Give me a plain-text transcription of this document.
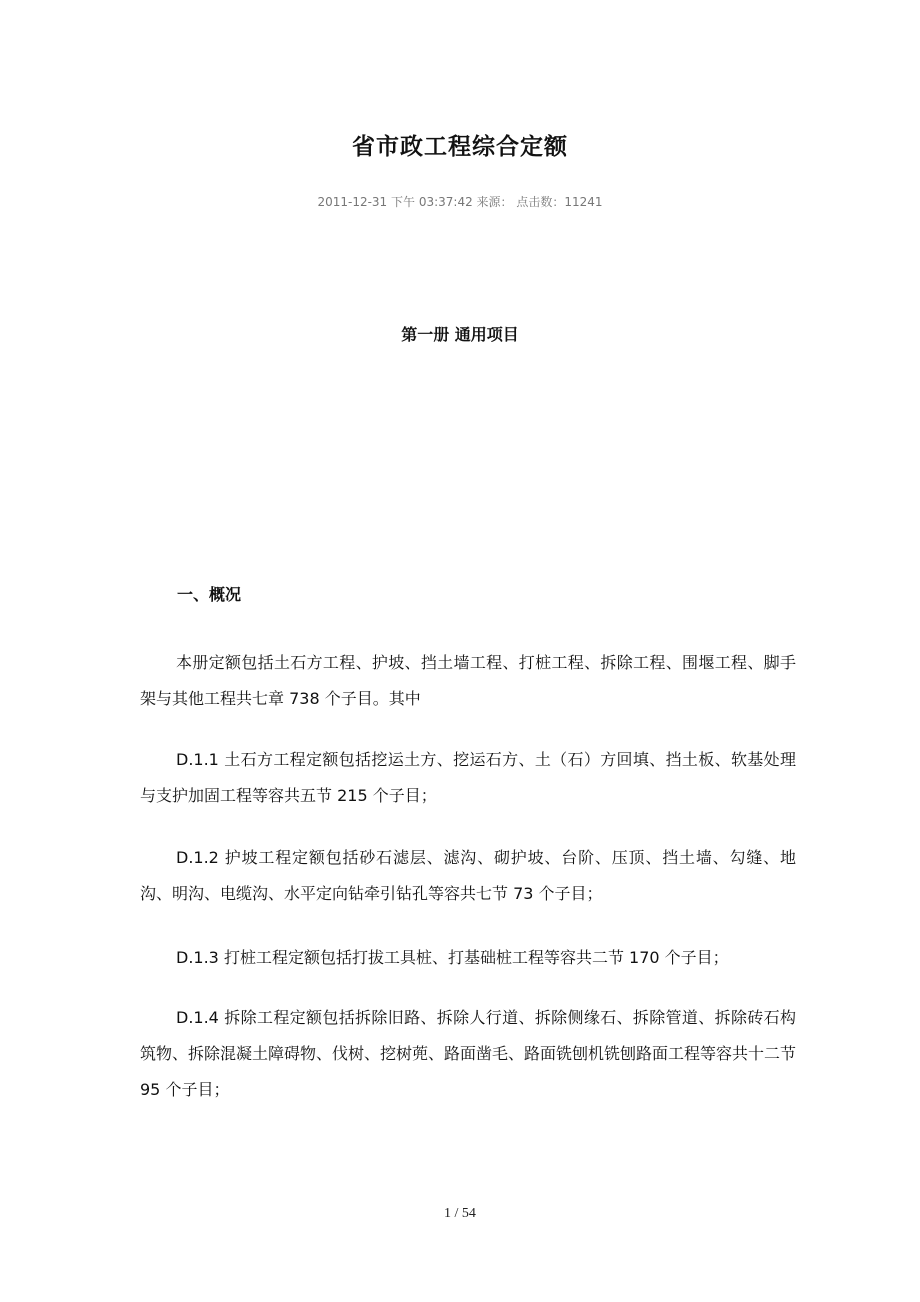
省市政工程综合定额
2011-12-31 下午 03:37:42 来源： 点击数：11241
第一册 通用项目
一、概况
本册定额包括土石方工程、护坡、挡土墙工程、打桩工程、拆除工程、围堰工程、脚手架与其他工程共七章 738 个子目。其中
D.1.1 土石方工程定额包括挖运土方、挖运石方、土（石）方回填、挡土板、软基处理与支护加固工程等容共五节 215 个子目；
D.1.2 护坡工程定额包括砂石滤层、滤沟、砌护坡、台阶、压顶、挡土墙、勾缝、地沟、明沟、电缆沟、水平定向钻牵引钻孔等容共七节 73 个子目；
D.1.3 打桩工程定额包括打拔工具桩、打基础桩工程等容共二节 170 个子目；
D.1.4 拆除工程定额包括拆除旧路、拆除人行道、拆除侧缘石、拆除管道、拆除砖石构筑物、拆除混凝土障碍物、伐树、挖树蔸、路面凿毛、路面铣刨机铣刨路面工程等容共十二节 95 个子目；
1 / 54
